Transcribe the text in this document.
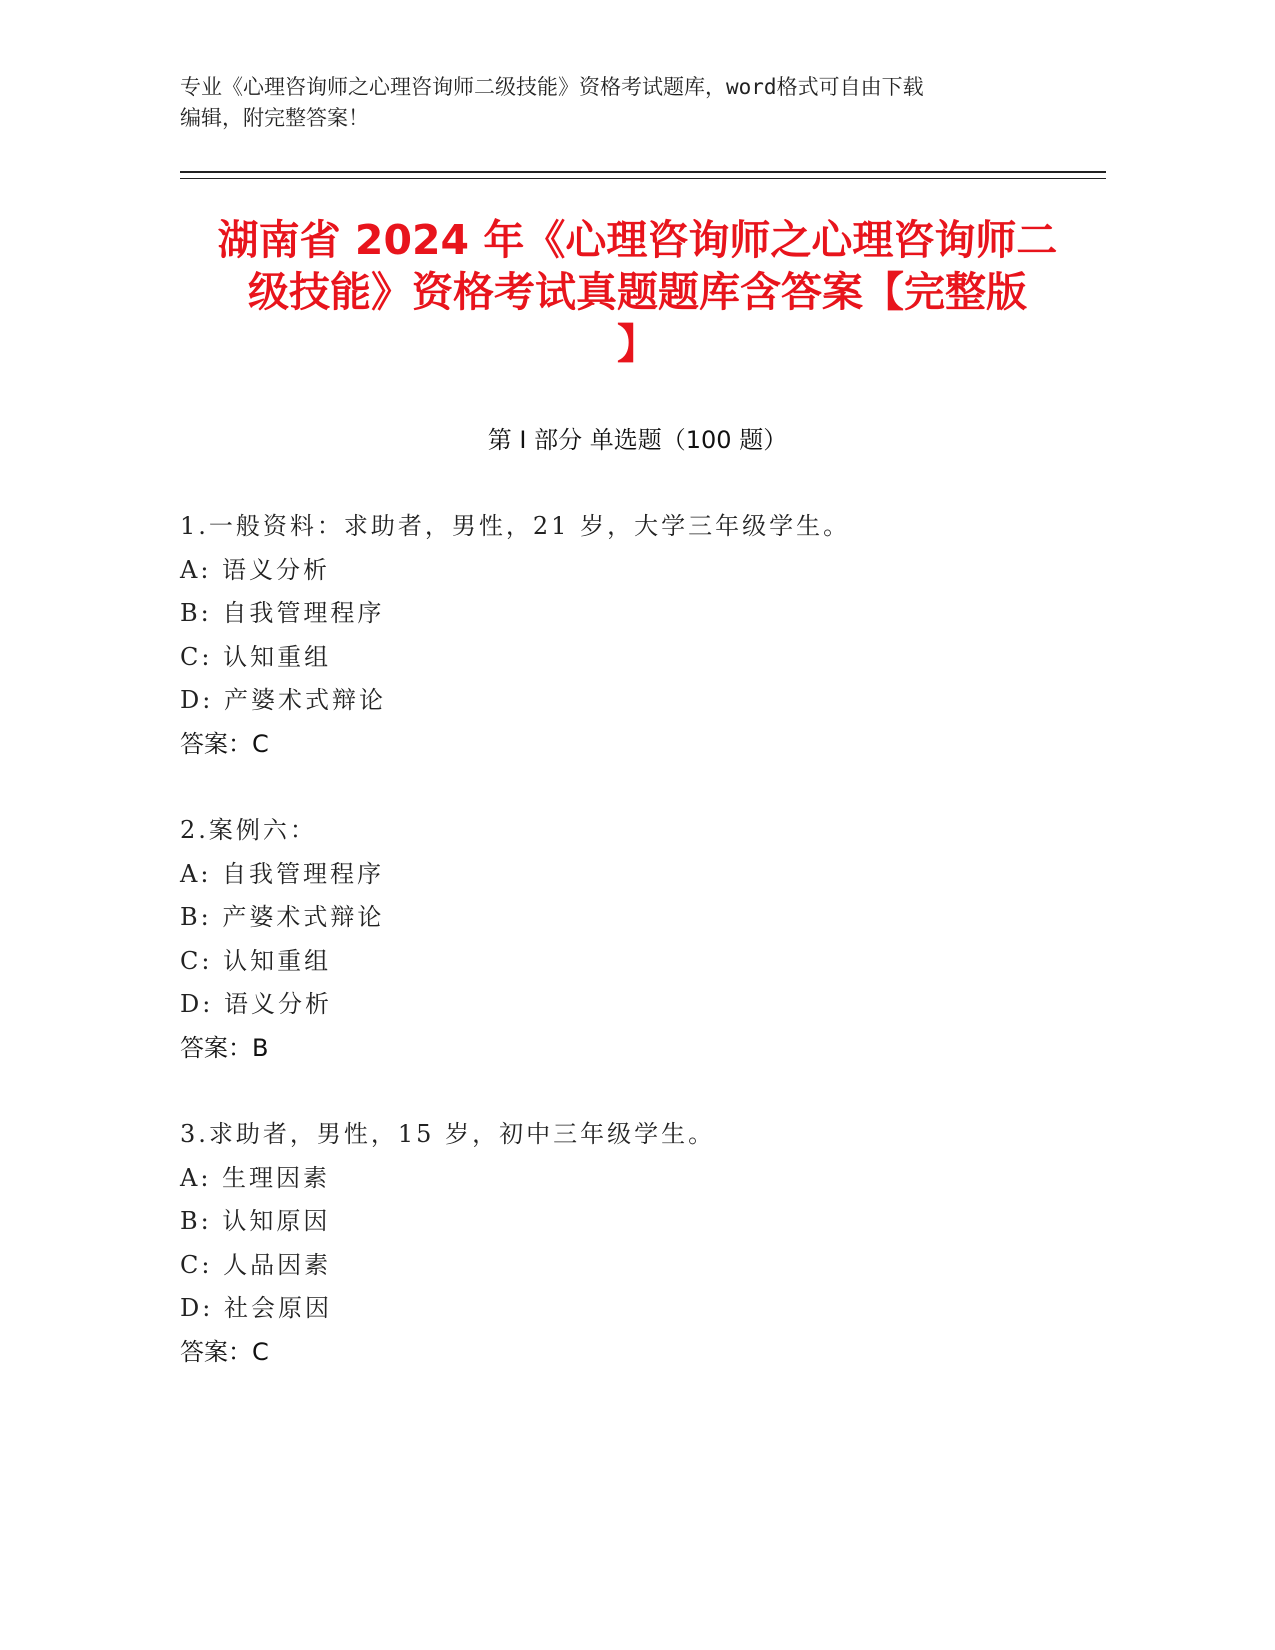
专业《心理咨询师之心理咨询师二级技能》资格考试题库，word格式可自由下载
编辑，附完整答案！
湖南省 2024 年《心理咨询师之心理咨询师二
级技能》资格考试真题题库含答案【完整版
】
第 I 部分 单选题（100 题）
1.一般资料：求助者，男性，21 岁，大学三年级学生。
A: 语义分析
B: 自我管理程序
C: 认知重组
D: 产婆术式辩论
答案：C
2.案例六：
A: 自我管理程序
B: 产婆术式辩论
C: 认知重组
D: 语义分析
答案：B
3.求助者，男性，15 岁，初中三年级学生。
A: 生理因素
B: 认知原因
C: 人品因素
D: 社会原因
答案：C
